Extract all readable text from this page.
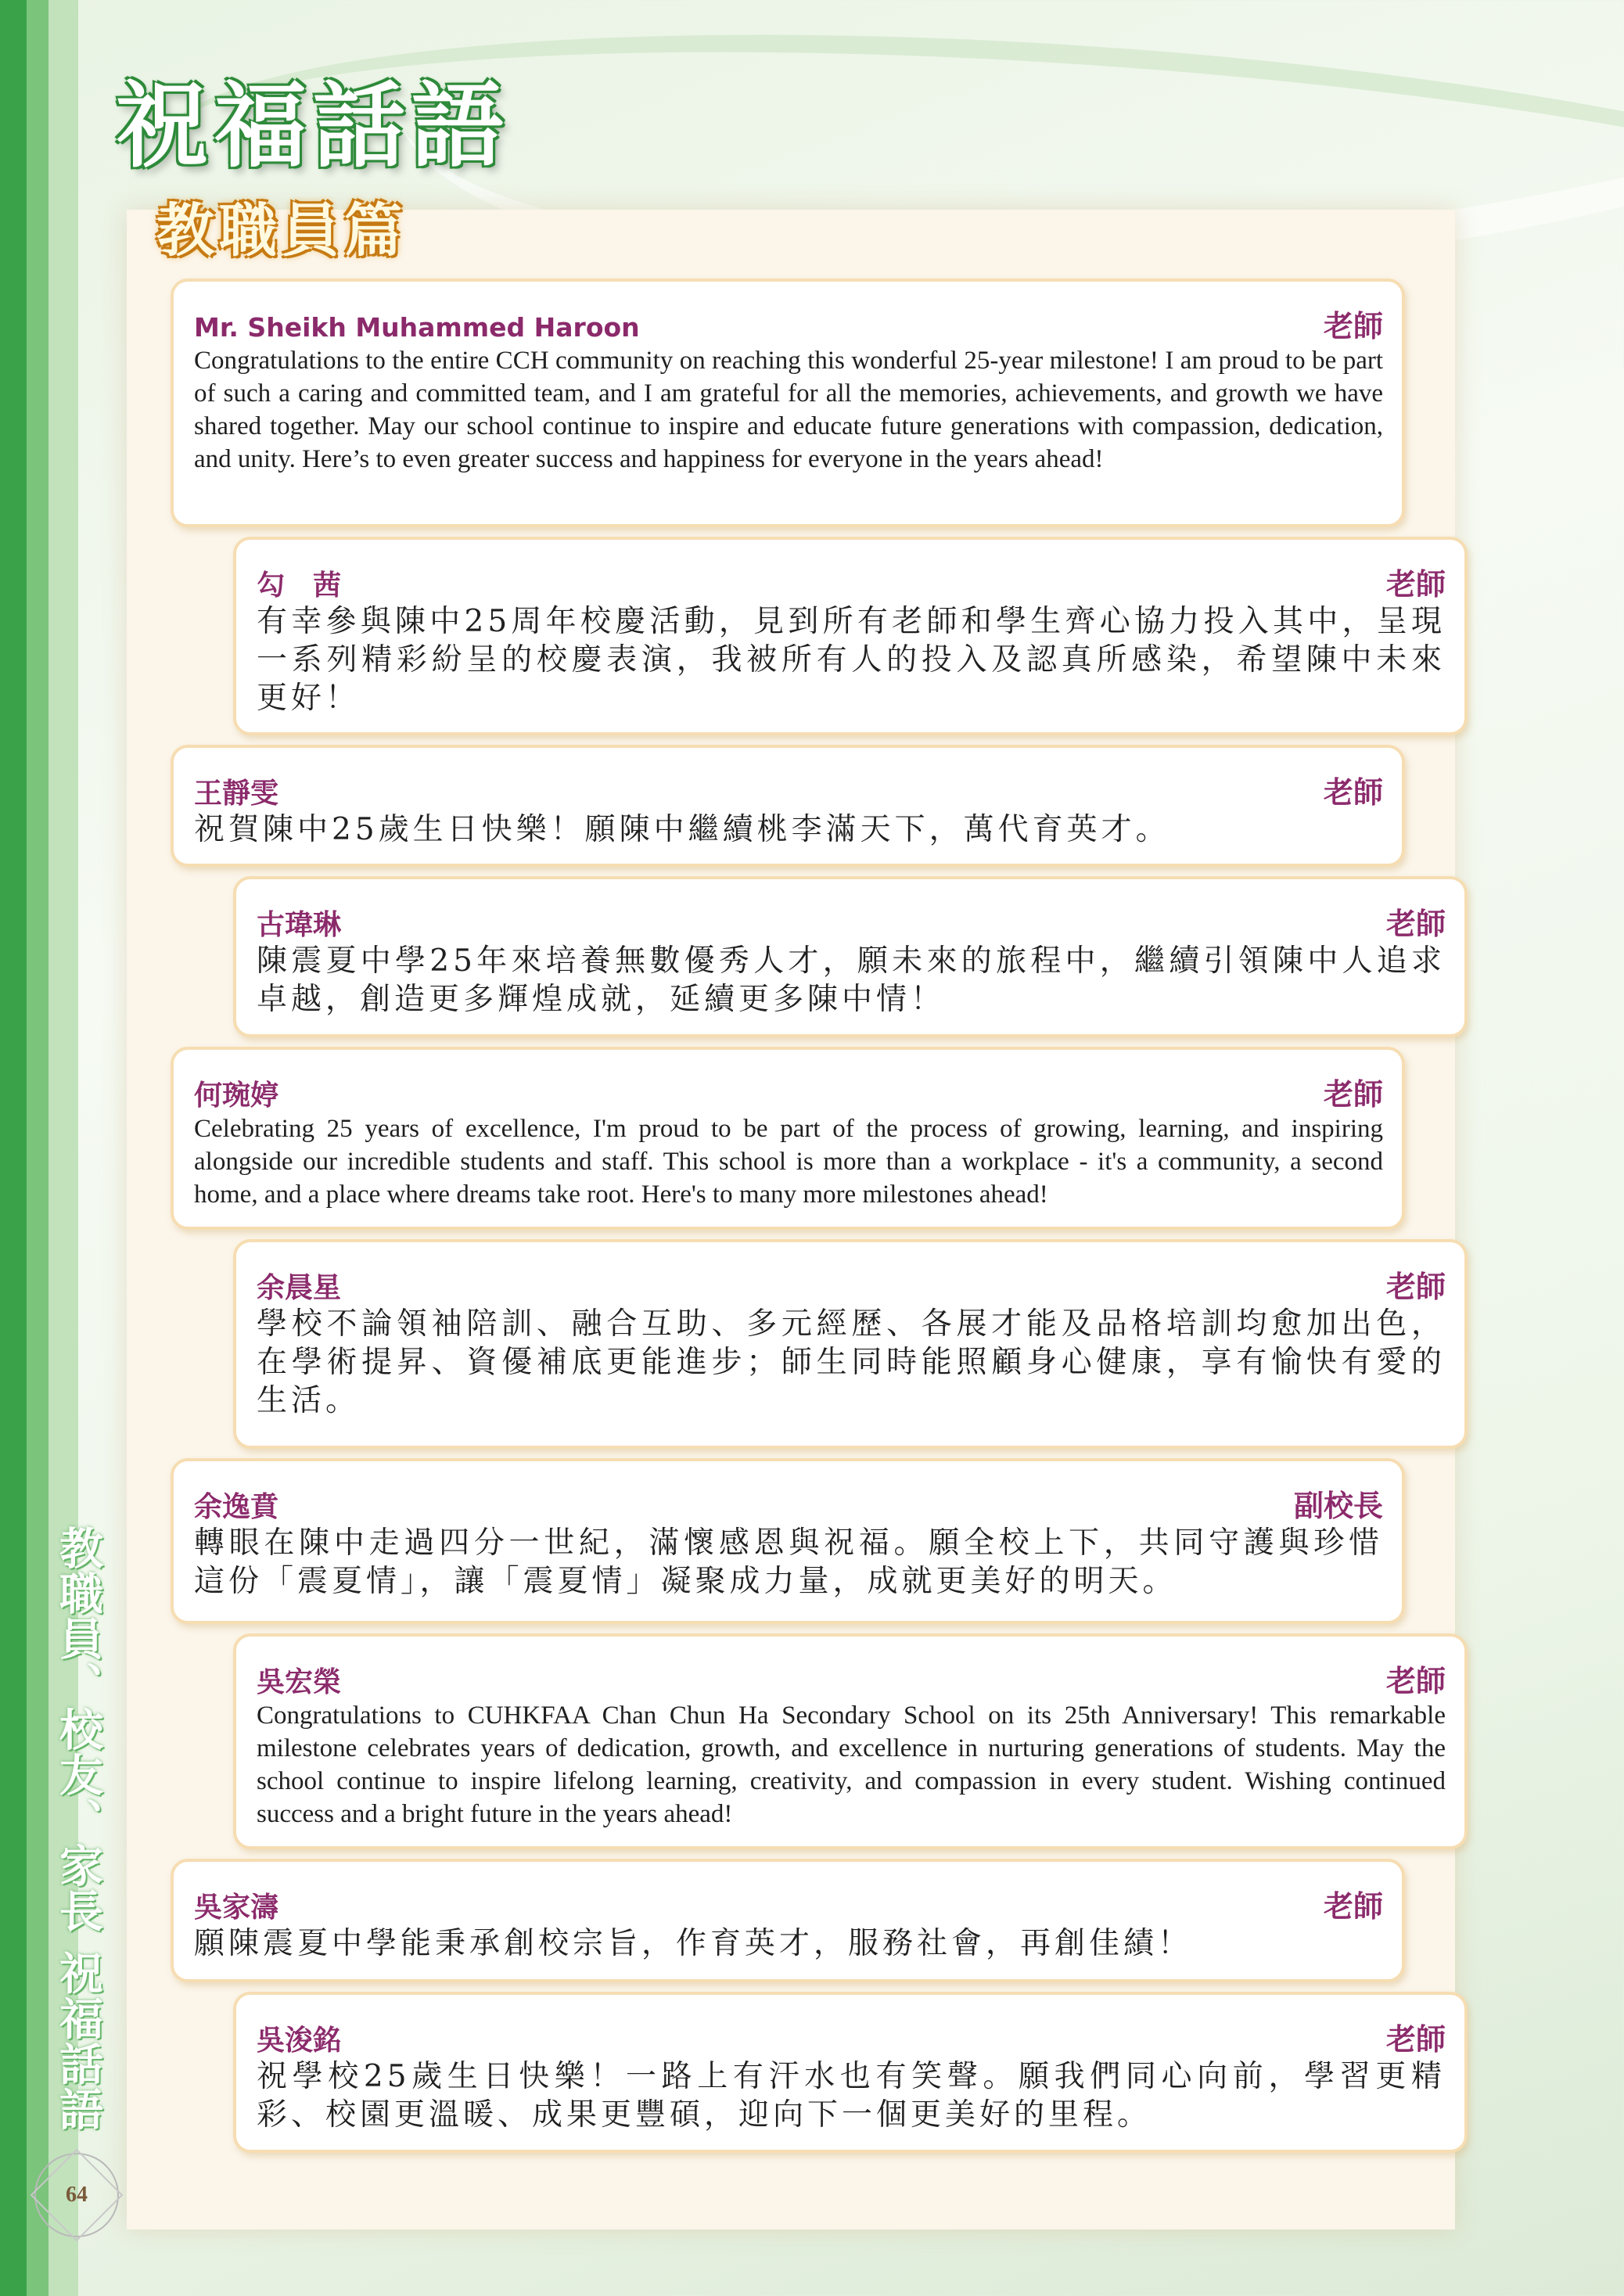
祝福話語
教職員篇
Mr. Sheikh Muhammed Haroon	老師

Congratulations to the entire CCH community on reaching this wonderful 25-year milestone! I am proud to be part of such a caring and committed team, and I am grateful for all the memories, achievements, and growth we have shared together. May our school continue to inspire and educate future generations with compassion, dedication, and unity. Here’s to even greater success and happiness for everyone in the years ahead!

勾　茜	老師

有幸參與陳中25周年校慶活動，見到所有老師和學生齊心協力投入其中，呈現一系列精彩紛呈的校慶表演，我被所有人的投入及認真所感染，希望陳中未來更好！

王靜雯	老師

祝賀陳中25歲生日快樂！願陳中繼續桃李滿天下，萬代育英才。

古瑋琳	老師

陳震夏中學25年來培養無數優秀人才，願未來的旅程中，繼續引領陳中人追求卓越，創造更多輝煌成就，延續更多陳中情！

何琬婷	老師

Celebrating 25 years of excellence, I'm proud to be part of the process of growing, learning, and inspiring alongside our incredible students and staff. This school is more than a workplace - it's a community, a second home, and a place where dreams take root. Here's to many more milestones ahead!

余晨星	老師

學校不論領袖陪訓、融合互助、多元經歷、各展才能及品格培訓均愈加出色，在學術提昇、資優補底更能進步；師生同時能照顧身心健康，享有愉快有愛的生活。

余逸賁	副校長

轉眼在陳中走過四分一世紀，滿懷感恩與祝福。願全校上下，共同守護與珍惜這份「震夏情」，讓「震夏情」凝聚成力量，成就更美好的明天。

吳宏榮	老師

Congratulations to CUHKFAA Chan Chun Ha Secondary School on its 25th Anniversary! This remarkable milestone celebrates years of dedication, growth, and excellence in nurturing generations of students. May the school continue to inspire lifelong learning, creativity, and compassion in every student. Wishing continued success and a bright future in the years ahead!

吳家濤	老師

願陳震夏中學能秉承創校宗旨，作育英才，服務社會，再創佳績！

吳浚銘	老師

祝學校25歲生日快樂！一路上有汗水也有笑聲。願我們同心向前，學習更精彩、校園更溫暖、成果更豐碩，迎向下一個更美好的里程。

教職員、校友、家長 祝福話語
64
